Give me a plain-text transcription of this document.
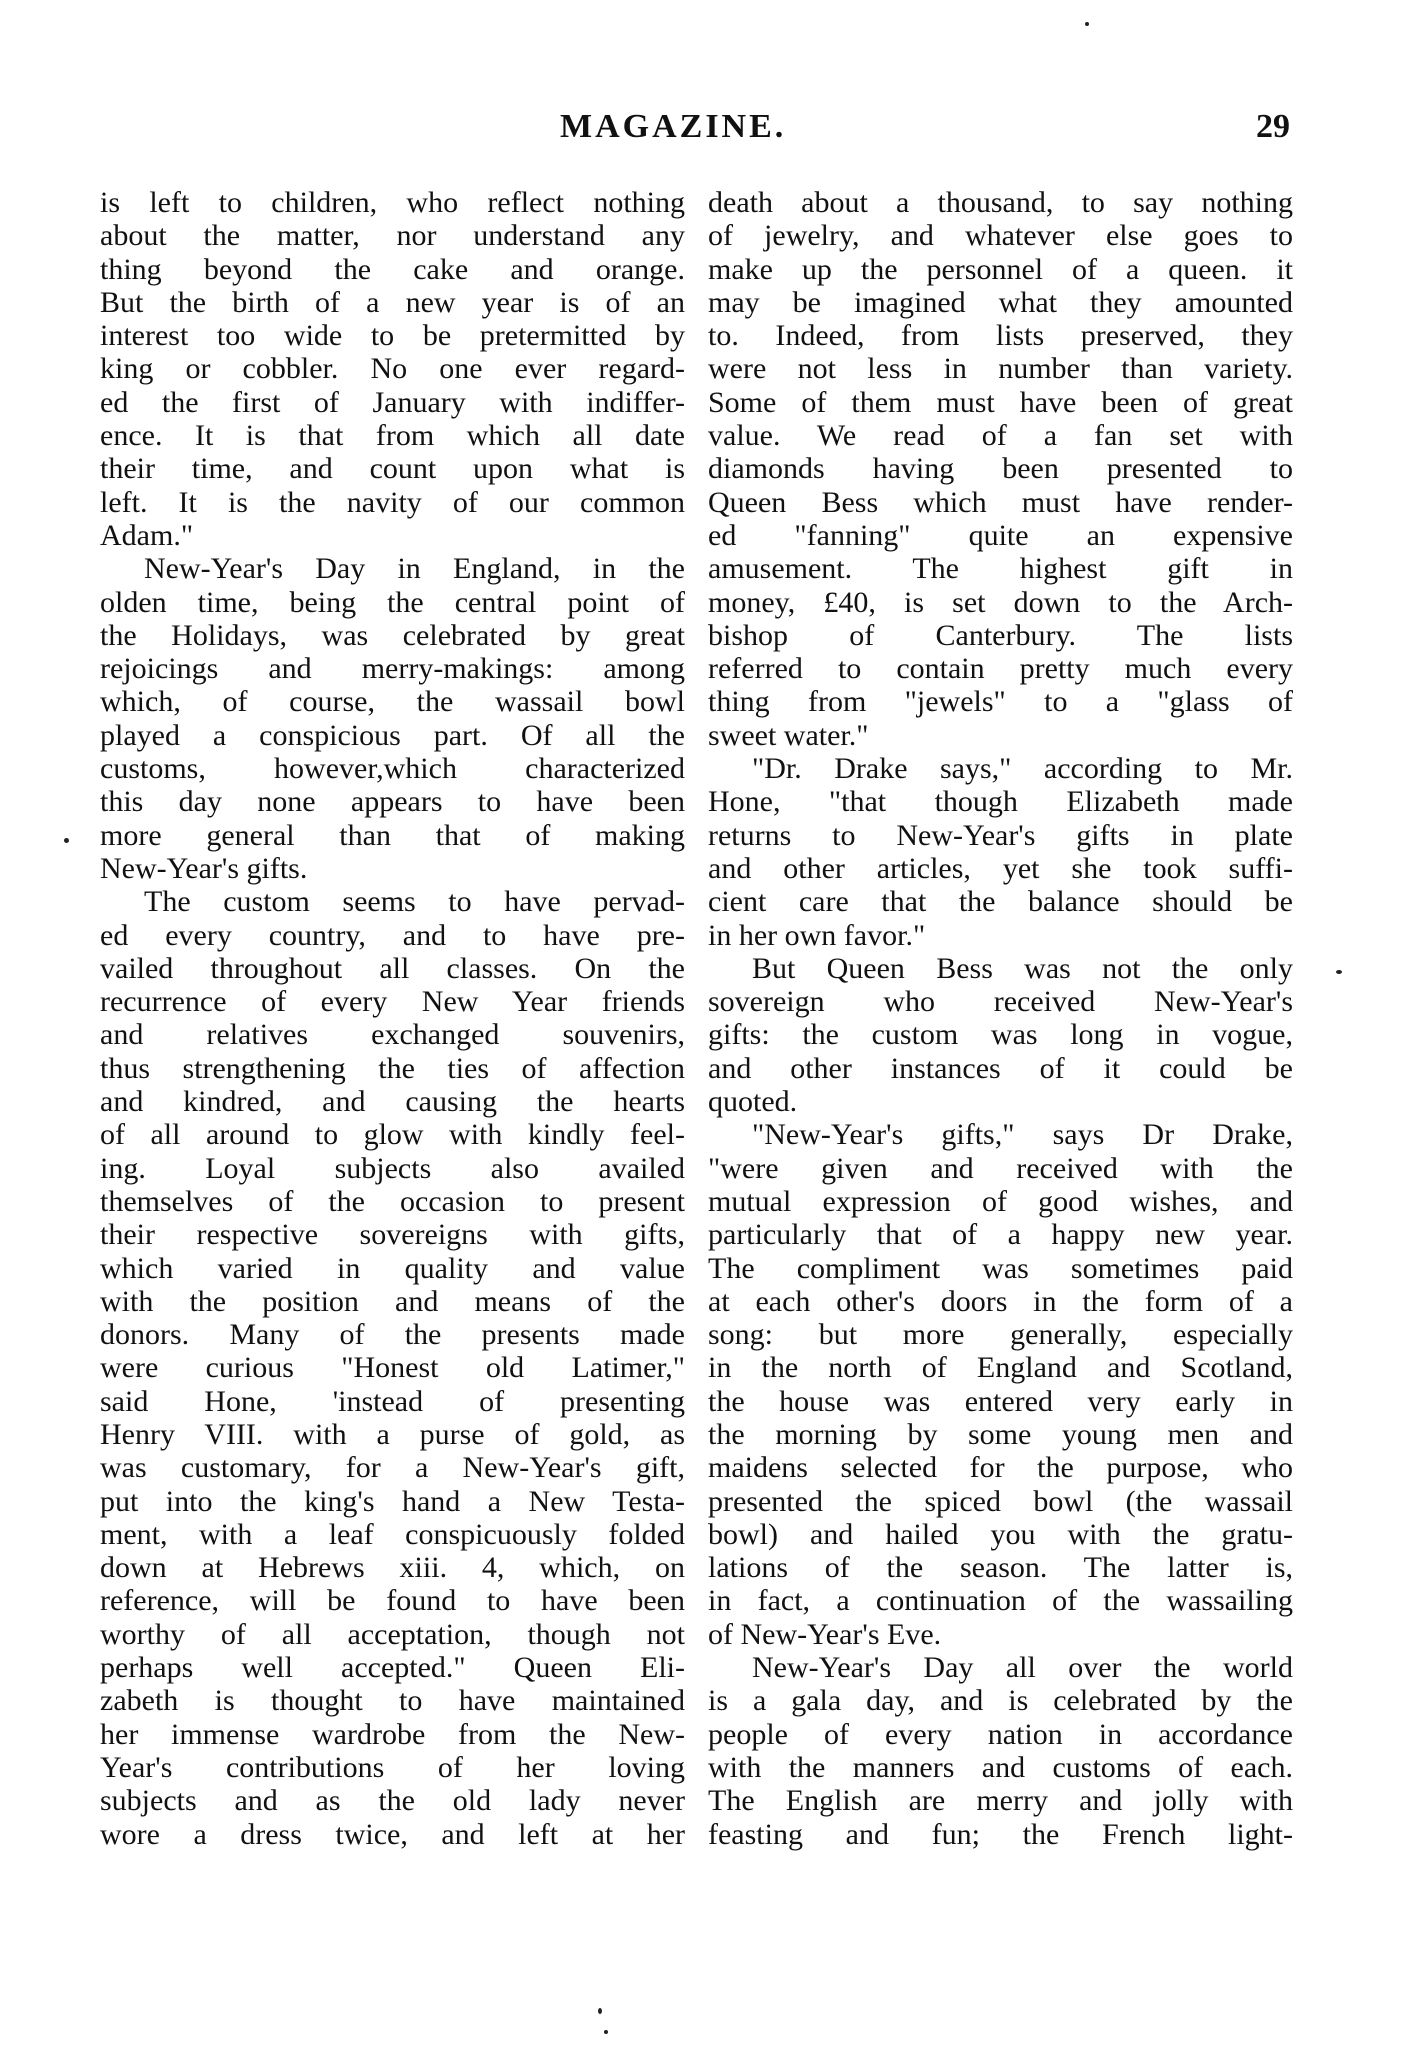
MAGAZINE.	29
is left to children, who reflect nothing
about the matter, nor understand any
thing beyond the cake and orange.
But the birth of a new year is of an
interest too wide to be pretermitted by
king or cobbler. No one ever regard-
ed the first of January with indiffer-
ence. It is that from which all date
their time, and count upon what is
left. It is the navity of our common
Adam."
New-Year's Day in England, in the
olden time, being the central point of
the Holidays, was celebrated by great
rejoicings and merry-makings: among
which, of course, the wassail bowl
played a conspicious part. Of all the
customs, however,which characterized
this day none appears to have been
more general than that of making
New-Year's gifts.
The custom seems to have pervad-
ed every country, and to have pre-
vailed throughout all classes. On the
recurrence of every New Year friends
and relatives exchanged souvenirs,
thus strengthening the ties of affection
and kindred, and causing the hearts
of all around to glow with kindly feel-
ing. Loyal subjects also availed
themselves of the occasion to present
their respective sovereigns with gifts,
which varied in quality and value
with the position and means of the
donors. Many of the presents made
were curious "Honest old Latimer,"
said Hone, 'instead of presenting
Henry VIII. with a purse of gold, as
was customary, for a New-Year's gift,
put into the king's hand a New Testa-
ment, with a leaf conspicuously folded
down at Hebrews xiii. 4, which, on
reference, will be found to have been
worthy of all acceptation, though not
perhaps well accepted." Queen Eli-
zabeth is thought to have maintained
her immense wardrobe from the New-
Year's contributions of her loving
subjects and as the old lady never
wore a dress twice, and left at her
death about a thousand, to say nothing
of jewelry, and whatever else goes to
make up the personnel of a queen. it
may be imagined what they amounted
to. Indeed, from lists preserved, they
were not less in number than variety.
Some of them must have been of great
value. We read of a fan set with
diamonds having been presented to
Queen Bess which must have render-
ed "fanning" quite an expensive
amusement. The highest gift in
money, £40, is set down to the Arch-
bishop of Canterbury. The lists
referred to contain pretty much every
thing from "jewels" to a "glass of
sweet water."
"Dr. Drake says," according to Mr.
Hone, "that though Elizabeth made
returns to New-Year's gifts in plate
and other articles, yet she took suffi-
cient care that the balance should be
in her own favor."
But Queen Bess was not the only
sovereign who received New-Year's
gifts: the custom was long in vogue,
and other instances of it could be
quoted.
"New-Year's gifts," says Dr Drake,
"were given and received with the
mutual expression of good wishes, and
particularly that of a happy new year.
The compliment was sometimes paid
at each other's doors in the form of a
song: but more generally, especially
in the north of England and Scotland,
the house was entered very early in
the morning by some young men and
maidens selected for the purpose, who
presented the spiced bowl (the wassail
bowl) and hailed you with the gratu-
lations of the season. The latter is,
in fact, a continuation of the wassailing
of New-Year's Eve.
New-Year's Day all over the world
is a gala day, and is celebrated by the
people of every nation in accordance
with the manners and customs of each.
The English are merry and jolly with
feasting and fun; the French light-
